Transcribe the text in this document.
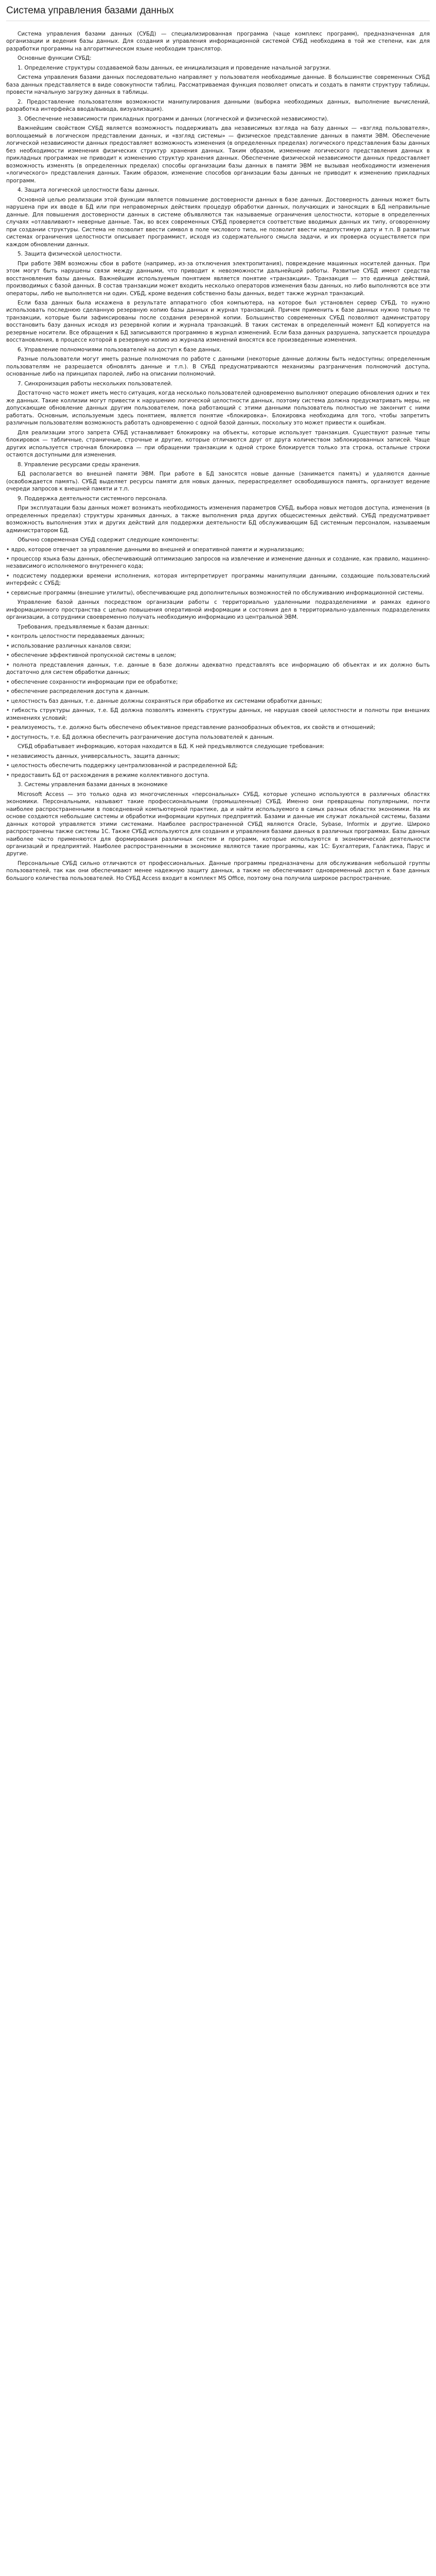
Система управления базами данных

Система управления базами данных (СУБД) — специализированная программа (чаще комплекс программ), предназначенная для организации и ведения базы данных. Для создания и управления информационной системой СУБД необходима в той же степени, как для разработки программы на алгоритмическом языке необходим транслятор.

Основные функции СУБД:

1. Определение структуры создаваемой базы данных, ее инициализация и проведение начальной загрузки.

Система управления базами данных последовательно направляет у пользователя необходимые данные. В большинстве современных СУБД база данных представляется в виде совокупности таблиц. Рассматриваемая функция позволяет описать и создать в памяти структуру таблицы, провести начальную загрузку данных в таблицы.

2. Предоставление пользователям возможности манипулирования данными (выборка необходимых данных, выполнение вычислений, разработка интерфейса ввода/вывода, визуализация).

3. Обеспечение независимости прикладных программ и данных (логической и физической независимости).

Важнейшим свойством СУБД является возможность поддерживать два независимых взгляда на базу данных — «взгляд пользователя», воплощаемый в логическом представлении данных, и «взгляд системы» — физическое представление данных в памяти ЭВМ. Обеспечение логической независимости данных предоставляет возможность изменения (в определенных пределах) логического представления базы данных без необходимости изменения физических структур хранения данных. Таким образом, изменение логического представления данных в прикладных программах не приводит к изменению структур хранения данных. Обеспечение физической независимости данных предоставляет возможность изменять (в определенных пределах) способы организации базы данных в памяти ЭВМ не вызывая необходимости изменения «логического» представления данных. Таким образом, изменение способов организации базы данных не приводит к изменению прикладных программ.

4. Защита логической целостности базы данных.

Основной целью реализации этой функции является повышение достоверности данных в базе данных. Достоверность данных может быть нарушена при их вводе в БД или при неправомерных действиях процедур обработки данных, получающих и заносящих в БД неправильные данные. Для повышения достоверности данных в системе объявляются так называемые ограничения целостности, которые в определенных случаях «отлавливают» неверные данные. Так, во всех современных СУБД проверяется соответствие вводимых данных их типу, оговоренному при создании структуры. Система не позволит ввести символ в поле числового типа, не позволит ввести недопустимую дату и т.п. В развитых системах ограничения целостности описывает программист, исходя из содержательного смысла задачи, и их проверка осуществляется при каждом обновлении данных.

5. Защита физической целостности.

При работе ЭВМ возможны сбои в работе (например, из-за отключения электропитания), повреждение машинных носителей данных. При этом могут быть нарушены связи между данными, что приводит к невозможности дальнейшей работы. Развитые СУБД имеют средства восстановления базы данных. Важнейшим используемым понятием является понятие «транзакции». Транзакция — это единица действий, производимых с базой данных. В состав транзакции может входить несколько операторов изменения базы данных, но либо выполняются все эти операторы, либо не выполняется ни один. СУБД, кроме ведения собственно базы данных, ведет также журнал транзакций.

Если база данных была искажена в результате аппаратного сбоя компьютера, на которое был установлен сервер СУБД, то нужно использовать последнюю сделанную резервную копию базы данных и журнал транзакций. Причем применить к базе данных нужно только те транзакции, которые были зафиксированы после создания резервной копии. Большинство современных СУБД позволяют администратору восстановить базу данных исходя из резервной копии и журнала транзакций. В таких системах в определенный момент БД копируется на резервные носители. Все обращения к БД записываются программно в журнал изменений. Если база данных разрушена, запускается процедура восстановления, в процессе которой в резервную копию из журнала изменений вносятся все произведенные изменения.

6. Управление полномочиями пользователей на доступ к базе данных.

Разные пользователи могут иметь разные полномочия по работе с данными (некоторые данные должны быть недоступны; определенным пользователям не разрешается обновлять данные и т.п.). В СУБД предусматриваются механизмы разграничения полномочий доступа, основанные либо на принципах паролей, либо на описании полномочий.

7. Синхронизация работы нескольких пользователей.

Достаточно часто может иметь место ситуация, когда несколько пользователей одновременно выполняют операцию обновления одних и тех же данных. Такие коллизии могут привести к нарушению логической целостности данных, поэтому система должна предусматривать меры, не допускающие обновление данных другим пользователем, пока работающий с этими данными пользователь полностью не закончит с ними работать. Основным, используемым здесь понятием, является понятие «блокировка». Блокировка необходима для того, чтобы запретить различным пользователям возможность работать одновременно с одной базой данных, поскольку это может привести к ошибкам.

Для реализации этого запрета СУБД устанавливает блокировку на объекты, которые использует транзакция. Существуют разные типы блокировок — табличные, страничные, строчные и другие, которые отличаются друг от друга количеством заблокированных записей. Чаще других используется строчная блокировка — при обращении транзакции к одной строке блокируется только эта строка, остальные строки остаются доступными для изменения.

8. Управление ресурсами среды хранения.

БД располагается во внешней памяти ЭВМ. При работе в БД заносятся новые данные (занимается память) и удаляются данные (освобождается память). СУБД выделяет ресурсы памяти для новых данных, перераспределяет освободившуюся память, организует ведение очереди запросов к внешней памяти и т.п.

9. Поддержка деятельности системного персонала.

При эксплуатации базы данных может возникать необходимость изменения параметров СУБД, выбора новых методов доступа, изменения (в определенных пределах) структуры хранимых данных, а также выполнения ряда других общесистемных действий. СУБД предусматривает возможность выполнения этих и других действий для поддержки деятельности БД обслуживающим БД системным персоналом, называемым администратором БД.

Обычно современная СУБД содержит следующие компоненты:

• ядро, которое отвечает за управление данными во внешней и оперативной памяти и журнализацию;

• процессор языка базы данных, обеспечивающий оптимизацию запросов на извлечение и изменение данных и создание, как правило, машинно-независимого исполняемого внутреннего кода;

• подсистему поддержки времени исполнения, которая интерпретирует программы манипуляции данными, создающие пользовательский интерфейс с СУБД;

• сервисные программы (внешние утилиты), обеспечивающие ряд дополнительных возможностей по обслуживанию информационной системы.

Управление базой данных посредством организации работы с территориально удаленными подразделениями и рамках единого информационного пространства с целью повышения оперативной информации и состояния дел в территориально-удаленных подразделениях организации, а сотрудники своевременно получать необходимую информацию из центральной ЭВМ.

Требования, предъявляемые к базам данных:

• контроль целостности передаваемых данных;

• использование различных каналов связи;

• обеспечение эффективной пропускной системы в целом;

• полнота представления данных, т.е. данные в базе должны адекватно представлять все информацию об объектах и их должно быть достаточно для систем обработки данных;

• обеспечение сохранности информации при ее обработке;

• обеспечение распределения доступа к данным.

• целостность баз данных, т.е. данные должны сохраняться при обработке их системами обработки данных;

• гибкость структуры данных, т.е. БД должна позволять изменять структуры данных, не нарушая своей целостности и полноты при внешних изменениях условий;

• реализуемость, т.е. должно быть обеспечено объективное представление разнообразных объектов, их свойств и отношений;

• доступность, т.е. БД должна обеспечить разграничение доступа пользователей к данным.

СУБД обрабатывает информацию, которая находится в БД. К ней предъявляются следующие требования:

• независимость данных, универсальность, защита данных;

• целостность обеспечить поддержку централизованной и распределенной БД;

• предоставить БД от расхождения в режиме коллективного доступа.

3. Системы управления базами данных в экономике

Microsoft Access — это только одна из многочисленных «персональных» СУБД, которые успешно используются в различных областях экономики. Персональными, называют такие профессиональными (промышленные) СУБД. Именно они превращены популярными, почти наиболее распространенными в повседневной компьютерной практике, да и найти используемого в самых разных областях экономики. На их основе создаются небольшие системы и обработки информации крупных предприятий. Базами и данные им служат локальной системы, базами данных которой управляется этими системами. Наиболее распространенной СУБД являются Oracle, Sybase, Informix и другие. Широко распространены также системы 1С. Также СУБД используются для создания и управления базами данных в различных программах. Базы данных наиболее часто применяются для формирования различных систем и программ, которые используются в экономической деятельности организаций и предприятий. Наиболее распространенными в экономике являются такие программы, как 1С: Бухгалтерия, Галактика, Парус и другие.

Персональные СУБД сильно отличаются от профессиональных. Данные программы предназначены для обслуживания небольшой группы пользователей, так как они обеспечивают менее надежную защиту данных, а также не обеспечивают одновременный доступ к базе данных большого количества пользователей. Но СУБД Access входит в комплект MS Office, поэтому она получила широкое распространение.
